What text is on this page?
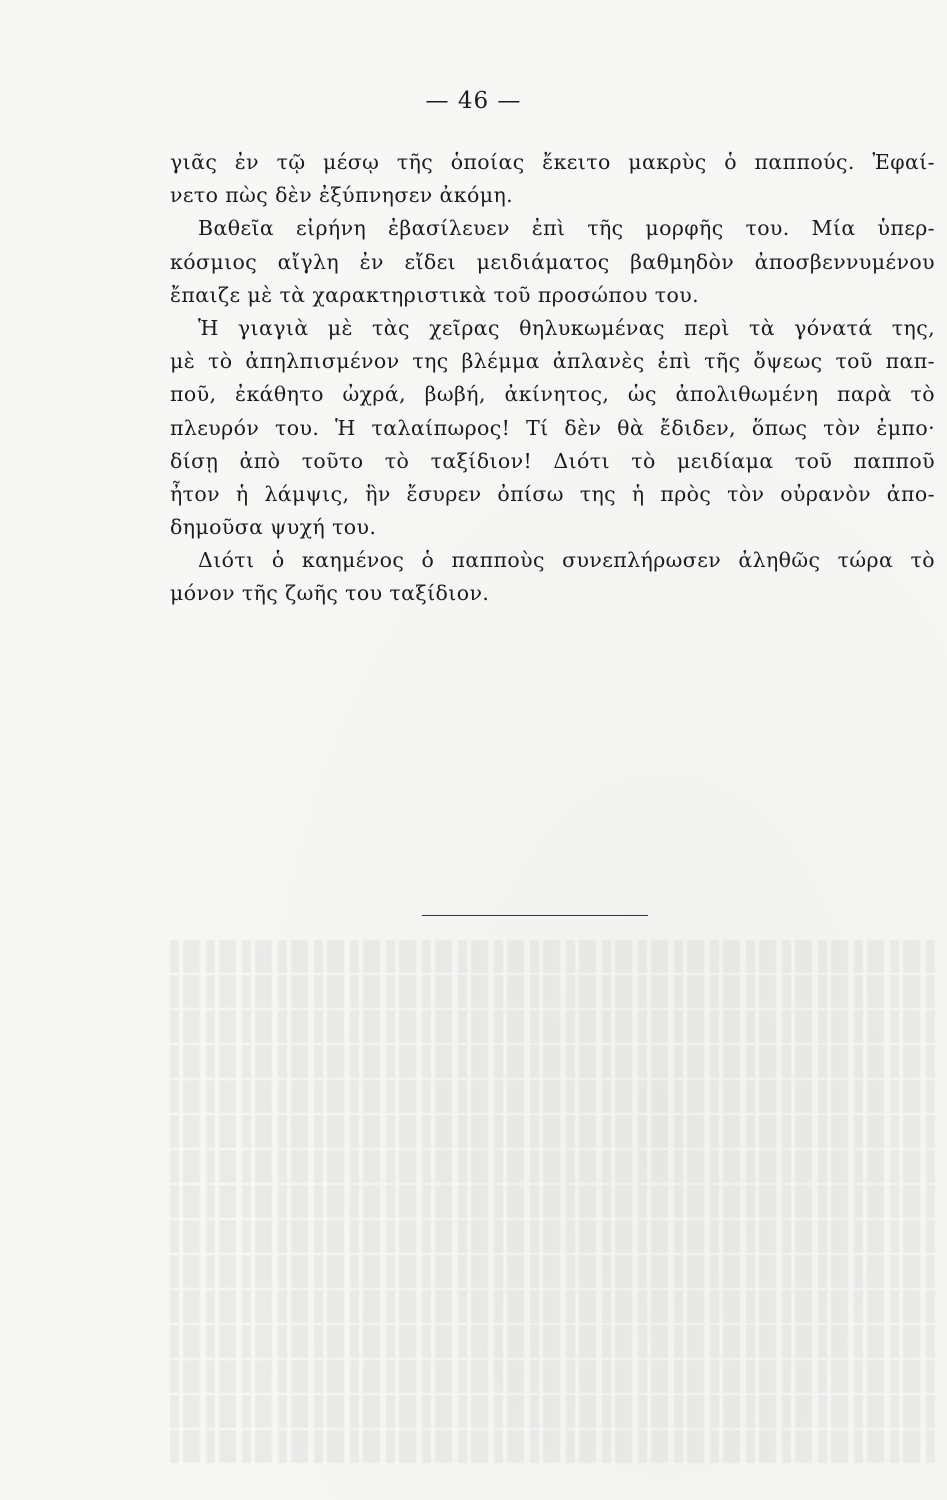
— 46 —
γιᾶς ἐν τῷ μέσῳ τῆς ὁποίας ἔκειτο μακρὺς ὁ παππούς. Ἐφαί-
νετο πὼς δὲν ἐξύπνησεν ἀκόμη.
Βαθεῖα εἰρήνη ἐβασίλευεν ἐπὶ τῆς μορφῆς του. Μία ὑπερ-
κόσμιος αἴγλη ἐν εἴδει μειδιάματος βαθμηδὸν ἀποσβεννυμένου
ἔπαιζε μὲ τὰ χαρακτηριστικὰ τοῦ προσώπου του.
Ἡ γιαγιὰ μὲ τὰς χεῖρας θηλυκωμένας περὶ τὰ γόνατά της,
μὲ τὸ ἀπηλπισμένον της βλέμμα ἀπλανὲς ἐπὶ τῆς ὄψεως τοῦ παπ-
ποῦ, ἐκάθητο ὠχρά, βωβή, ἀκίνητος, ὡς ἀπολιθωμένη παρὰ τὸ
πλευρόν του. Ἡ ταλαίπωρος! Τί δὲν θὰ ἔδιδεν, ὅπως τὸν ἐμπο·
δίσῃ ἀπὸ τοῦτο τὸ ταξίδιον! Διότι τὸ μειδίαμα τοῦ παπποῦ
ἦτον ἡ λάμψις, ἣν ἔσυρεν ὀπίσω της ἡ πρὸς τὸν οὐρανὸν ἀπο-
δημοῦσα ψυχή του.
Διότι ὁ καημένος ὁ παπποὺς συνεπλήρωσεν ἀληθῶς τώρα τὸ
μόνον τῆς ζωῆς του ταξίδιον.
